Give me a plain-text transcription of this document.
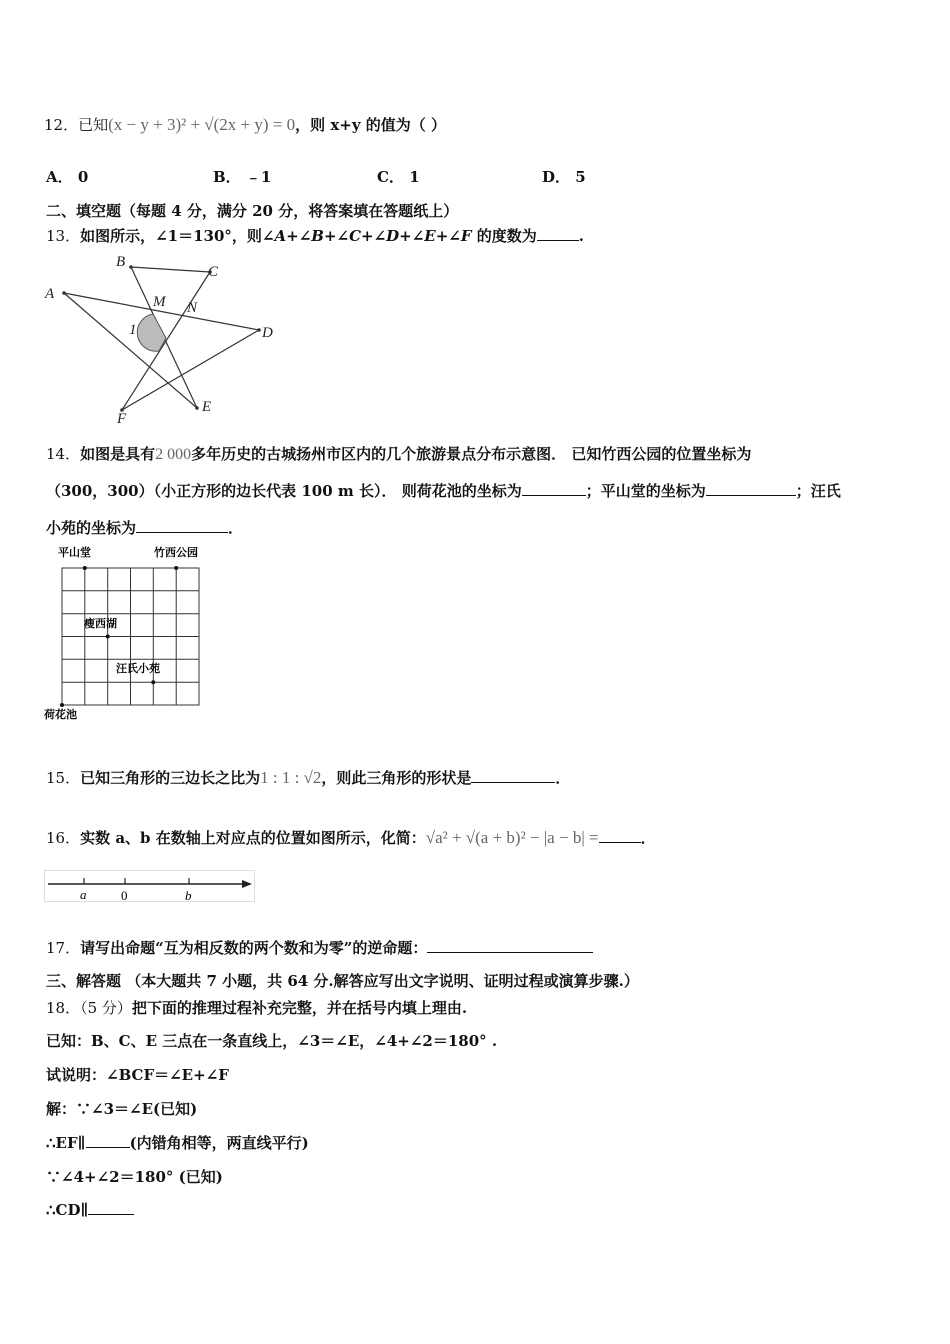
12．已知(x − y + 3)² + √(2x + y) = 0，则 x+y 的值为（ ）
A． 0	B． ﹣1	C． 1	D． 5
二、填空题（每题 4 分，满分 20 分，将答案填在答题纸上）
13．如图所示，∠1＝130°，则∠A+∠B+∠C+∠D+∠E+∠F 的度数为	.
A
B
C
D
E
F
M N
1
14．如图是具有2 000多年历史的古城扬州市区内的几个旅游景点分布示意图． 已知竹西公园的位置坐标为
（300，300）（小正方形的边长代表 100 m 长）． 则荷花池的坐标为	；平山堂的坐标为	；汪氏
小苑的坐标为	．
平山堂	竹西公园
瘦西湖
汪氏小苑
荷花池
15．已知三角形的三边长之比为1 : 1 : √2，则此三角形的形状是	．
16．实数 a、b 在数轴上对应点的位置如图所示，化简：√a² + √(a + b)² − |a − b| =	．
a	0	b
17．请写出命题“互为相反数的两个数和为零”的逆命题：
三、解答题 （本大题共 7 小题，共 64 分.解答应写出文字说明、证明过程或演算步骤.）
18．（5 分）把下面的推理过程补充完整，并在括号内填上理由.
已知：B、C、E 三点在一条直线上，∠3＝∠E，∠4+∠2＝180° .
试说明：∠BCF＝∠E+∠F
解：∵∠3＝∠E(已知)
∴EF∥	(内错角相等，两直线平行)
∵∠4+∠2＝180° (已知)
∴CD∥
